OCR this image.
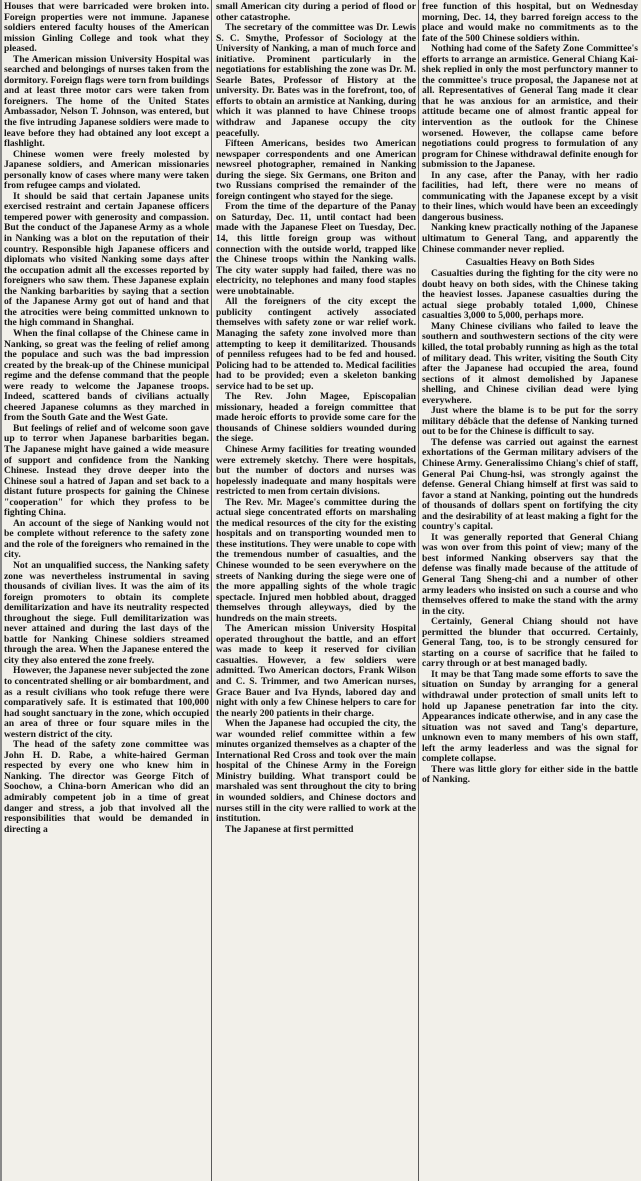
Houses that were barricaded were broken into. Foreign properties were not immune. Japanese soldiers entered faculty houses of the American mission Ginling College and took what they pleased.

The American mission University Hospital was searched and belongings of nurses taken from the dormitory. Foreign flags were torn from buildings and at least three motor cars were taken from foreigners. The home of the United States Ambassador, Nelson T. Johnson, was entered, but the five intruding Japanese soldiers were made to leave before they had obtained any loot except a flashlight.

Chinese women were freely molested by Japanese soldiers, and American missionaries personally know of cases where many were taken from refugee camps and violated.

It should be said that certain Japanese units exercised restraint and certain Japanese officers tempered power with generosity and compassion. But the conduct of the Japanese Army as a whole in Nanking was a blot on the reputation of their country. Responsible high Japanese officers and diplomats who visited Nanking some days after the occupation admit all the excesses reported by foreigners who saw them. These Japanese explain the Nanking barbarities by saying that a section of the Japanese Army got out of hand and that the atrocities were being committed unknown to the high command in Shanghai.

When the final collapse of the Chinese came in Nanking, so great was the feeling of relief among the populace and such was the bad impression created by the break-up of the Chinese municipal regime and the defense command that the people were ready to welcome the Japanese troops. Indeed, scattered bands of civilians actually cheered Japanese columns as they marched in from the South Gate and the West Gate.

But feelings of relief and of welcome soon gave up to terror when Japanese barbarities began. The Japanese might have gained a wide measure of support and confidence from the Nanking Chinese. Instead they drove deeper into the Chinese soul a hatred of Japan and set back to a distant future prospects for gaining the Chinese "cooperation" for which they profess to be fighting China.

An account of the siege of Nanking would not be complete without reference to the safety zone and the role of the foreigners who remained in the city.

Not an unqualified success, the Nanking safety zone was nevertheless instrumental in saving thousands of civilian lives. It was the aim of its foreign promoters to obtain its complete demilitarization and have its neutrality respected throughout the siege. Full demilitarization was never attained and during the last days of the battle for Nanking Chinese soldiers streamed through the area. When the Japanese entered the city they also entered the zone freely.

However, the Japanese never subjected the zone to concentrated shelling or air bombardment, and as a result civilians who took refuge there were comparatively safe. It is estimated that 100,000 had sought sanctuary in the zone, which occupied an area of three or four square miles in the western district of the city.

The head of the safety zone committee was John H. D. Rabe, a white-haired German respected by every one who knew him in Nanking. The director was George Fitch of Soochow, a China-born American who did an admirably competent job in a time of great danger and stress, a job that involved all the responsibilities that would be demanded in directing a

small American city during a period of flood or other catastrophe.

The secretary of the committee was Dr. Lewis S. C. Smythe, Professor of Sociology at the University of Nanking, a man of much force and initiative. Prominent particularly in the negotiations for establishing the zone was Dr. M. Searle Bates, Professor of History at the university. Dr. Bates was in the forefront, too, of efforts to obtain an armistice at Nanking, during which it was planned to have Chinese troops withdraw and Japanese occupy the city peacefully.

Fifteen Americans, besides two American newspaper correspondents and one American newsreel photographer, remained in Nanking during the siege. Six Germans, one Briton and two Russians comprised the remainder of the foreign contingent who stayed for the siege.

From the time of the departure of the Panay on Saturday, Dec. 11, until contact had been made with the Japanese Fleet on Tuesday, Dec. 14, this little foreign group was without connection with the outside world, trapped like the Chinese troops within the Nanking walls. The city water supply had failed, there was no electricity, no telephones and many food staples were unobtainable.

All the foreigners of the city except the publicity contingent actively associated themselves with safety zone or war relief work. Managing the safety zone involved more than attempting to keep it demilitarized. Thousands of penniless refugees had to be fed and housed. Policing had to be attended to. Medical facilities had to be provided; even a skeleton banking service had to be set up.

The Rev. John Magee, Episcopalian missionary, headed a foreign committee that made heroic efforts to provide some care for the thousands of Chinese soldiers wounded during the siege.

Chinese Army facilities for treating wounded were extremely sketchy. There were hospitals, but the number of doctors and nurses was hopelessly inadequate and many hospitals were restricted to men from certain divisions.

The Rev. Mr. Magee's committee during the actual siege concentrated efforts on marshaling the medical resources of the city for the existing hospitals and on transporting wounded men to these institutions. They were unable to cope with the tremendous number of casualties, and the Chinese wounded to be seen everywhere on the streets of Nanking during the siege were one of the more appalling sights of the whole tragic spectacle. Injured men hobbled about, dragged themselves through alleyways, died by the hundreds on the main streets.

The American mission University Hospital operated throughout the battle, and an effort was made to keep it reserved for civilian casualties. However, a few soldiers were admitted. Two American doctors, Frank Wilson and C. S. Trimmer, and two American nurses, Grace Bauer and Iva Hynds, labored day and night with only a few Chinese helpers to care for the nearly 200 patients in their charge.

When the Japanese had occupied the city, the war wounded relief committee within a few minutes organized themselves as a chapter of the International Red Cross and took over the main hospital of the Chinese Army in the Foreign Ministry building. What transport could be marshaled was sent throughout the city to bring in wounded soldiers, and Chinese doctors and nurses still in the city were rallied to work at the institution.

The Japanese at first permitted

free function of this hospital, but on Wednesday morning, Dec. 14, they barred foreign access to the place and would make no commitments as to the fate of the 500 Chinese soldiers within.

Nothing had come of the Safety Zone Committee's efforts to arrange an armistice. General Chiang Kai-shek replied in only the most perfunctory manner to the committee's truce proposal, the Japanese not at all. Representatives of General Tang made it clear that he was anxious for an armistice, and their attitude became one of almost frantic appeal for intervention as the outlook for the Chinese worsened. However, the collapse came before negotiations could progress to formulation of any program for Chinese withdrawal definite enough for submission to the Japanese.

In any case, after the Panay, with her radio facilities, had left, there were no means of communicating with the Japanese except by a visit to their lines, which would have been an exceedingly dangerous business.

Nanking knew practically nothing of the Japanese ultimatum to General Tang, and apparently the Chinese commander never replied.

Casualties Heavy on Both Sides

Casualties during the fighting for the city were no doubt heavy on both sides, with the Chinese taking the heaviest losses. Japanese casualties during the actual siege probably totaled 1,000, Chinese casualties 3,000 to 5,000, perhaps more.

Many Chinese civilians who failed to leave the southern and southwestern sections of the city were killed, the total probably running as high as the total of military dead. This writer, visiting the South City after the Japanese had occupied the area, found sections of it almost demolished by Japanese shelling, and Chinese civilian dead were lying everywhere.

Just where the blame is to be put for the sorry military débâcle that the defense of Nanking turned out to be for the Chinese is difficult to say.

The defense was carried out against the earnest exhortations of the German military advisers of the Chinese Army. Generalissimo Chiang's chief of staff, General Pai Chung-hsi, was strongly against the defense. General Chiang himself at first was said to favor a stand at Nanking, pointing out the hundreds of thousands of dollars spent on fortifying the city and the desirability of at least making a fight for the country's capital.

It was generally reported that General Chiang was won over from this point of view; many of the best informed Nanking observers say that the defense was finally made because of the attitude of General Tang Sheng-chi and a number of other army leaders who insisted on such a course and who themselves offered to make the stand with the army in the city.

Certainly, General Chiang should not have permitted the blunder that occurred. Certainly, General Tang, too, is to be strongly censured for starting on a course of sacrifice that he failed to carry through or at best managed badly.

It may be that Tang made some efforts to save the situation on Sunday by arranging for a general withdrawal under protection of small units left to hold up Japanese penetration far into the city. Appearances indicate otherwise, and in any case the situation was not saved and Tang's departure, unknown even to many members of his own staff, left the army leaderless and was the signal for complete collapse.

There was little glory for either side in the battle of Nanking.
